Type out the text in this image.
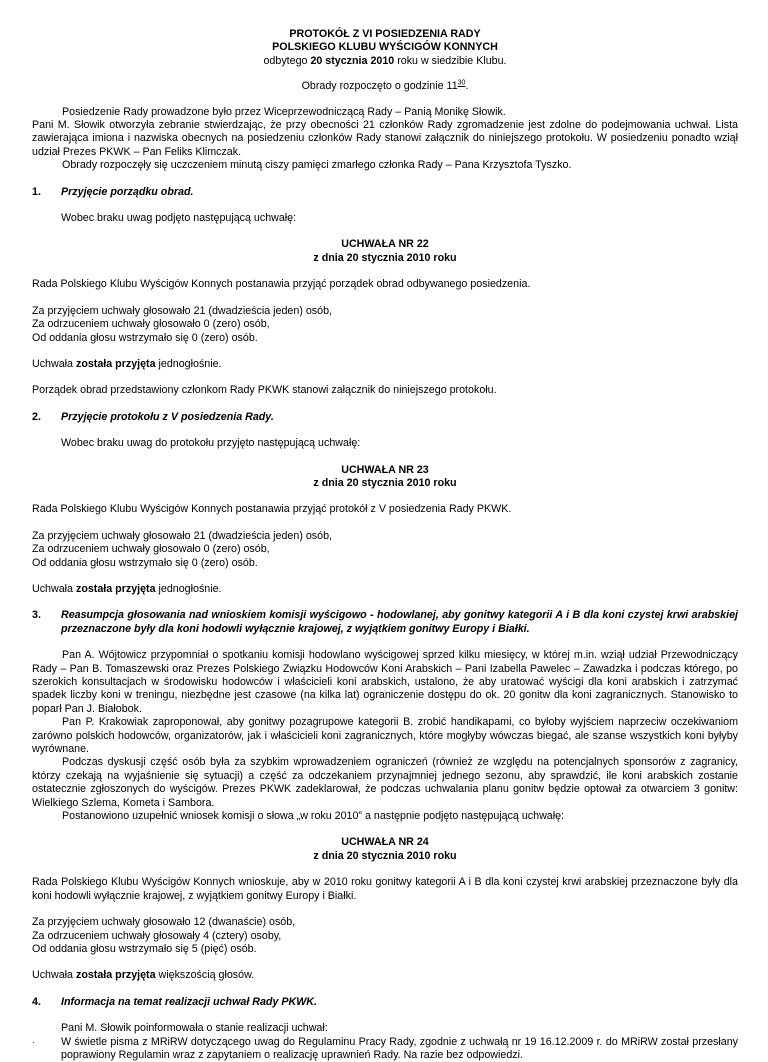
PROTOKÓŁ Z VI POSIEDZENIA RADY

POLSKIEGO KLUBU WYŚCIGÓW KONNYCH

odbytego 20 stycznia 2010 roku w siedzibie Klubu.

Obrady rozpoczęto o godzinie $11^{30}$.

Posiedzenie Rady prowadzone było przez Wiceprzewodniczącą Rady – Panią Monikę Słowik.

Pani M. Słowik otworzyła zebranie stwierdzając, że przy obecności 21 członków Rady zgromadzenie jest zdolne do podejmowania uchwał. Lista zawierająca imiona i nazwiska obecnych na posiedzeniu członków Rady stanowi załącznik do niniejszego protokołu. W posiedzeniu ponadto wziął udział Prezes PKWK – Pan Feliks Klimczak.

Obrady rozpoczęły się uczczeniem minutą ciszy pamięci zmarłego członka Rady – Pana Krzysztofa Tyszko.

1.	Przyjęcie porządku obrad.

Wobec braku uwag podjęto następującą uchwałę:

UCHWAŁA NR 22

z dnia 20 stycznia 2010 roku

Rada Polskiego Klubu Wyścigów Konnych postanawia przyjąć porządek obrad odbywanego posiedzenia.

Za przyjęciem uchwały głosowało 21 (dwadzieścia jeden) osób,

Za odrzuceniem uchwały głosowało 0 (zero) osób,

Od oddania głosu wstrzymało się 0 (zero) osób.

Uchwała została przyjęta jednogłośnie.

Porządek obrad przedstawiony członkom Rady PKWK stanowi załącznik do niniejszego protokołu.

2.	Przyjęcie protokołu z V posiedzenia Rady.

Wobec braku uwag do protokołu przyjęto następującą uchwałę:

UCHWAŁA NR 23

z dnia 20 stycznia 2010 roku

Rada Polskiego Klubu Wyścigów Konnych postanawia przyjąć protokół z V posiedzenia Rady PKWK.

Za przyjęciem uchwały głosowało 21 (dwadzieścia jeden) osób,

Za odrzuceniem uchwały głosowało 0 (zero) osób,

Od oddania głosu wstrzymało się 0 (zero) osób.

Uchwała została przyjęta jednogłośnie.

3.	Reasumpcja głosowania nad wnioskiem komisji wyścigowo - hodowlanej, aby gonitwy kategorii A i B dla koni czystej krwi arabskiej przeznaczone były dla koni hodowli wyłącznie krajowej, z wyjątkiem gonitwy Europy i Białki.

Pan A. Wójtowicz przypomniał o spotkaniu komisji hodowlano wyścigowej sprzed kilku miesięcy, w której m.in. wziął udział Przewodniczący Rady – Pan B. Tomaszewski oraz Prezes Polskiego Związku Hodowców Koni Arabskich – Pani Izabella Pawelec – Zawadzka i podczas którego, po szerokich konsultacjach w środowisku hodowców i właścicieli koni arabskich, ustalono, że aby uratować wyścigi dla koni arabskich i zatrzymać spadek liczby koni w treningu, niezbędne jest czasowe (na kilka lat) ograniczenie dostępu do ok. 20 gonitw dla koni zagranicznych. Stanowisko to poparł Pan J. Białobok.

Pan P. Krakowiak zaproponował, aby gonitwy pozagrupowe kategorii B. zrobić handikapami, co byłoby wyjściem naprzeciw oczekiwaniom zarówno polskich hodowców, organizatorów, jak i właścicieli koni zagranicznych, które mogłyby wówczas biegać, ale szanse wszystkich koni byłyby wyrównane.

Podczas dyskusji część osób była za szybkim wprowadzeniem ograniczeń (również ze względu na potencjalnych sponsorów z zagranicy, którzy czekają na wyjaśnienie się sytuacji) a część za odczekaniem przynajmniej jednego sezonu, aby sprawdzić, ile koni arabskich zostanie ostatecznie zgłoszonych do wyścigów. Prezes PKWK zadeklarował, że podczas uchwalania planu gonitw będzie optował za otwarciem 3 gonitw: Wielkiego Szlema, Kometa i Sambora.

Postanowiono uzupełnić wniosek komisji o słowa „w roku 2010” a następnie podjęto następującą uchwałę:

UCHWAŁA NR 24

z dnia 20 stycznia 2010 roku

Rada Polskiego Klubu Wyścigów Konnych wnioskuje, aby w 2010 roku gonitwy kategorii A i B dla koni czystej krwi arabskiej przeznaczone były dla koni hodowli wyłącznie krajowej, z wyjątkiem gonitwy Europy i Białki.

Za przyjęciem uchwały głosowało 12 (dwanaście) osób,

Za odrzuceniem uchwały głosowały 4 (cztery) osoby,

Od oddania głosu wstrzymało się 5 (pięć) osób.

Uchwała została przyjęta większością głosów.

4.	Informacja na temat realizacji uchwał Rady PKWK.

Pani M. Słowik poinformowała o stanie realizacji uchwał:

·	W świetle pisma z MRiRW dotyczącego uwag do Regulaminu Pracy Rady, zgodnie z uchwałą nr 19 16.12.2009 r. do MRiRW został przesłany poprawiony Regulamin wraz z zapytaniem o realizację uprawnień Rady. Na razie bez odpowiedzi.
